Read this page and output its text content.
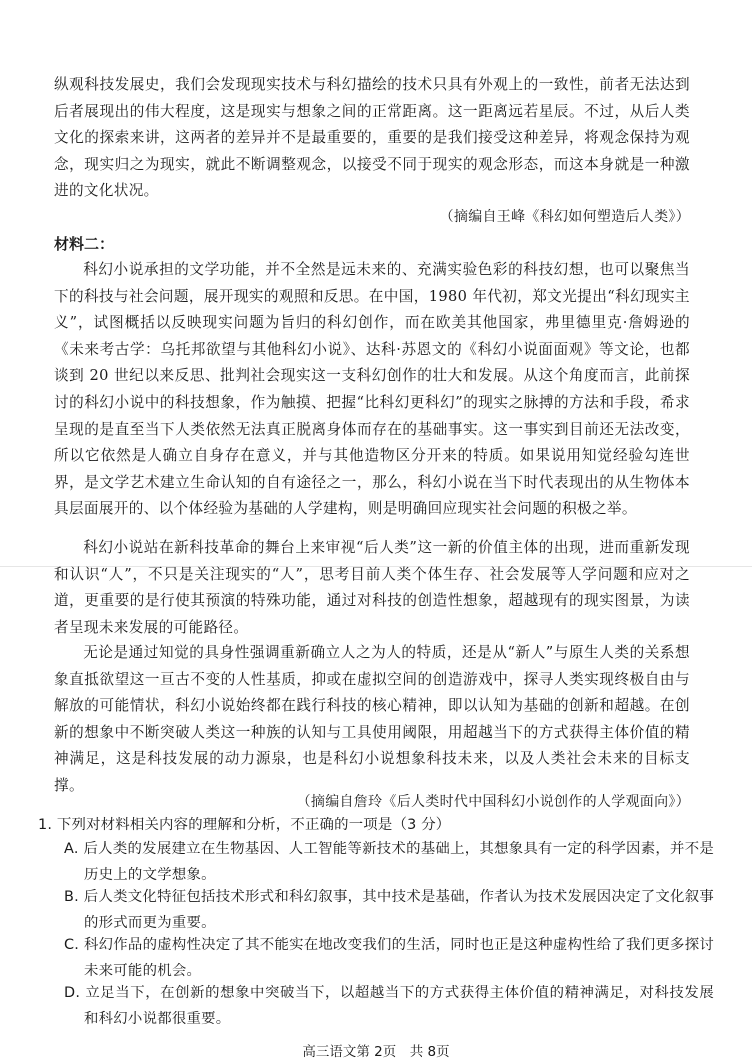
纵观科技发展史，我们会发现现实技术与科幻描绘的技术只具有外观上的一致性，前者无法达到后者展现出的伟大程度，这是现实与想象之间的正常距离。这一距离远若星辰。不过，从后人类文化的探索来讲，这两者的差异并不是最重要的，重要的是我们接受这种差异，将观念保持为观念，现实归之为现实，就此不断调整观念，以接受不同于现实的观念形态，而这本身就是一种激进的文化状况。

（摘编自王峰《科幻如何塑造后人类》）
材料二：

科幻小说承担的文学功能，并不全然是远未来的、充满实验色彩的科技幻想，也可以聚焦当下的科技与社会问题，展开现实的观照和反思。在中国，1980 年代初，郑文光提出“科幻现实主义”，试图概括以反映现实问题为旨归的科幻创作，而在欧美其他国家，弗里德里克·詹姆逊的《未来考古学：乌托邦欲望与其他科幻小说》、达科·苏恩文的《科幻小说面面观》等文论，也都谈到 20 世纪以来反思、批判社会现实这一支科幻创作的壮大和发展。从这个角度而言，此前探讨的科幻小说中的科技想象，作为触摸、把握“比科幻更科幻”的现实之脉搏的方法和手段，希求呈现的是直至当下人类依然无法真正脱离身体而存在的基础事实。这一事实到目前还无法改变，所以它依然是人确立自身存在意义，并与其他造物区分开来的特质。如果说用知觉经验勾连世界，是文学艺术建立生命认知的自有途径之一，那么，科幻小说在当下时代表现出的从生物体本具层面展开的、以个体经验为基础的人学建构，则是明确回应现实社会问题的积极之举。

科幻小说站在新科技革命的舞台上来审视“后人类”这一新的价值主体的出现，进而重新发现和认识“人”，不只是关注现实的“人”，思考目前人类个体生存、社会发展等人学问题和应对之道，更重要的是行使其预演的特殊功能，通过对科技的创造性想象，超越现有的现实图景，为读者呈现未来发展的可能路径。

无论是通过知觉的具身性强调重新确立人之为人的特质，还是从“新人”与原生人类的关系想象直抵欲望这一亘古不变的人性基质，抑或在虚拟空间的创造游戏中，探寻人类实现终极自由与解放的可能情状，科幻小说始终都在践行科技的核心精神，即以认知为基础的创新和超越。在创新的想象中不断突破人类这一种族的认知与工具使用阈限，用超越当下的方式获得主体价值的精神满足，这是科技发展的动力源泉，也是科幻小说想象科技未来，以及人类社会未来的目标支撑。

（摘编自詹玲《后人类时代中国科幻小说创作的人学观面向》）
1. 下列对材料相关内容的理解和分析，不正确的一项是（3 分）

A. 后人类的发展建立在生物基因、人工智能等新技术的基础上，其想象具有一定的科学因素，并不是历史上的文学想象。

B. 后人类文化特征包括技术形式和科幻叙事，其中技术是基础，作者认为技术发展因决定了文化叙事的形式而更为重要。

C. 科幻作品的虚构性决定了其不能实在地改变我们的生活，同时也正是这种虚构性给了我们更多探讨未来可能的机会。

D. 立足当下，在创新的想象中突破当下，以超越当下的方式获得主体价值的精神满足，对科技发展和科幻小说都很重要。

高三语文第 2页　共 8页
